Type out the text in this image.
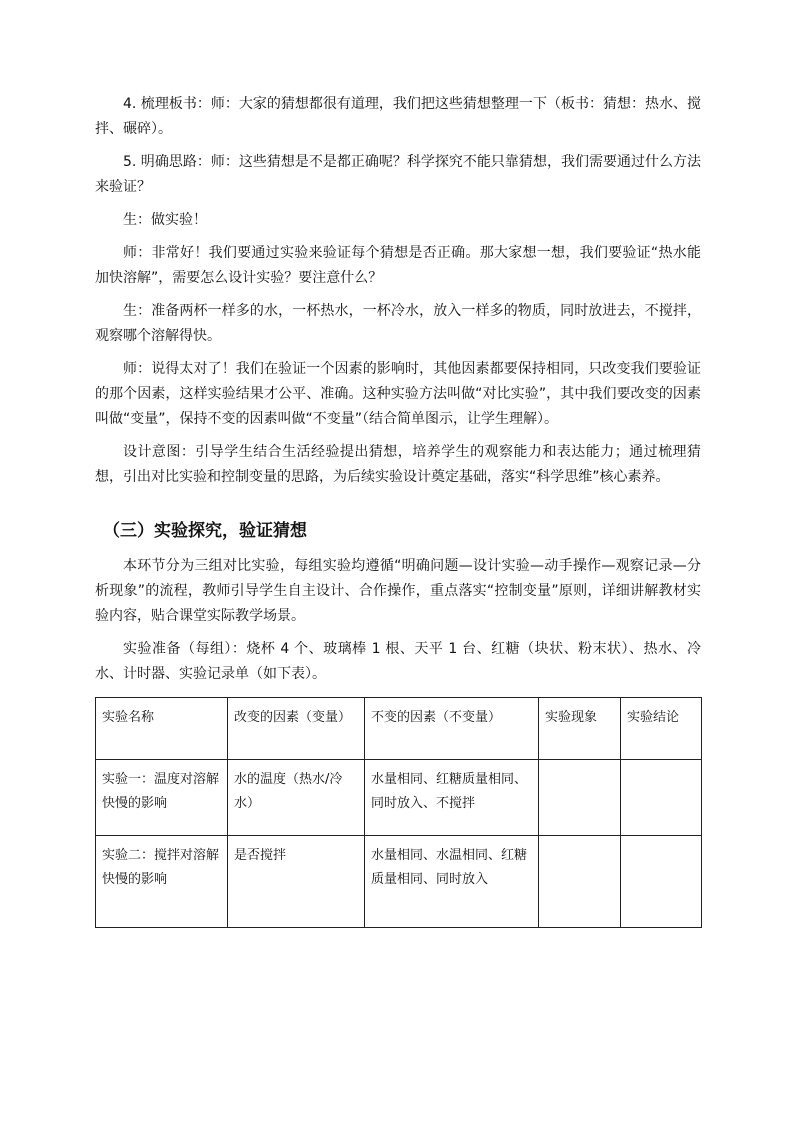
4. 梳理板书：师：大家的猜想都很有道理，我们把这些猜想整理一下（板书：猜想：热水、搅拌、碾碎）。

5. 明确思路：师：这些猜想是不是都正确呢？科学探究不能只靠猜想，我们需要通过什么方法来验证？

生：做实验！

师：非常好！我们要通过实验来验证每个猜想是否正确。那大家想一想，我们要验证“热水能加快溶解”，需要怎么设计实验？要注意什么？

生：准备两杯一样多的水，一杯热水，一杯冷水，放入一样多的物质，同时放进去，不搅拌，观察哪个溶解得快。

师：说得太对了！我们在验证一个因素的影响时，其他因素都要保持相同，只改变我们要验证的那个因素，这样实验结果才公平、准确。这种实验方法叫做“对比实验”，其中我们要改变的因素叫做“变量”，保持不变的因素叫做“不变量”（结合简单图示，让学生理解）。

设计意图：引导学生结合生活经验提出猜想，培养学生的观察能力和表达能力；通过梳理猜想，引出对比实验和控制变量的思路，为后续实验设计奠定基础，落实“科学思维”核心素养。

（三）实验探究，验证猜想

本环节分为三组对比实验，每组实验均遵循“明确问题—设计实验—动手操作—观察记录—分析现象”的流程，教师引导学生自主设计、合作操作，重点落实“控制变量”原则，详细讲解教材实验内容，贴合课堂实际教学场景。

实验准备（每组）：烧杯 4 个、玻璃棒 1 根、天平 1 台、红糖（块状、粉末状）、热水、冷水、计时器、实验记录单（如下表）。

实验名称	改变的因素（变量）	不变的因素（不变量）	实验现象	实验结论
实验一：温度对溶解快慢的影响	水的温度（热水/冷水）	水量相同、红糖质量相同、同时放入、不搅拌		
实验二：搅拌对溶解快慢的影响	是否搅拌	水量相同、水温相同、红糖质量相同、同时放入		
